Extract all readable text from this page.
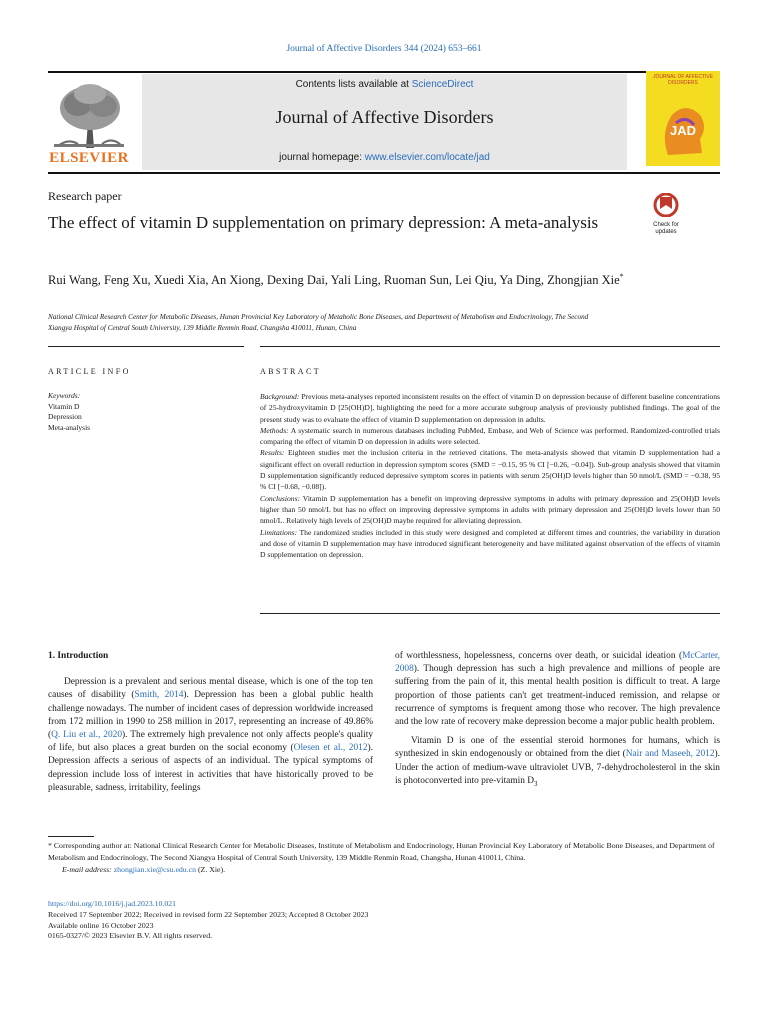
Journal of Affective Disorders 344 (2024) 653–661
ELSEVIER
Contents lists available at ScienceDirect
Journal of Affective Disorders
journal homepage: www.elsevier.com/locate/jad
JOURNAL OF AFFECTIVE DISORDERS
JAD
Research paper
Check for
updates
The effect of vitamin D supplementation on primary depression: A meta-analysis
Rui Wang, Feng Xu, Xuedi Xia, An Xiong, Dexing Dai, Yali Ling, Ruoman Sun, Lei Qiu, Ya Ding, Zhongjian Xie*
National Clinical Research Center for Metabolic Diseases, Hunan Provincial Key Laboratory of Metabolic Bone Diseases, and Department of Metabolism and Endocrinology, The Second Xiangya Hospital of Central South University, 139 Middle Renmin Road, Changsha 410011, Hunan, China
ARTICLE INFO	ABSTRACT
Keywords:
Vitamin D
Depression
Meta-analysis

Background: Previous meta-analyses reported inconsistent results on the effect of vitamin D on depression because of different baseline concentrations of 25-hydroxyvitamin D [25(OH)D], highlighting the need for a more accurate subgroup analysis of previously published findings. The goal of the present study was to evaluate the effect of vitamin D supplementation on depression in adults.

Methods: A systematic search in numerous databases including PubMed, Embase, and Web of Science was performed. Randomized-controlled trials comparing the effect of vitamin D on depression in adults were selected.

Results: Eighteen studies met the inclusion criteria in the retrieved citations. The meta-analysis showed that vitamin D supplementation had a significant effect on overall reduction in depression symptom scores (SMD = −0.15, 95 % CI [−0.26, −0.04]). Sub-group analysis showed that vitamin D supplementation significantly reduced depressive symptom scores in patients with serum 25(OH)D levels higher than 50 nmol/L (SMD = −0.38, 95 % CI [−0.68, −0.08]).

Conclusions: Vitamin D supplementation has a benefit on improving depressive symptoms in adults with primary depression and 25(OH)D levels higher than 50 nmol/L but has no effect on improving depressive symptoms in adults with primary depression and 25(OH)D levels lower than 50 nmol/L. Relatively high levels of 25(OH)D maybe required for alleviating depression.

Limitations: The randomized studies included in this study were designed and completed at different times and countries, the variability in duration and dose of vitamin D supplementation may have introduced significant heterogeneity and have militated against observation of the effects of vitamin D supplementation on depression.

1. Introduction

Depression is a prevalent and serious mental disease, which is one of the top ten causes of disability (Smith, 2014). Depression has been a global public health challenge nowadays. The number of incident cases of depression worldwide increased from 172 million in 1990 to 258 million in 2017, representing an increase of 49.86% (Q. Liu et al., 2020). The extremely high prevalence not only affects people's quality of life, but also places a great burden on the social economy (Olesen et al., 2012). Depression affects a serious of aspects of an individual. The typical symptoms of depression include loss of interest in activities that have historically proved to be pleasurable, sadness, irritability, feelings

of worthlessness, hopelessness, concerns over death, or suicidal ideation (McCarter, 2008). Though depression has such a high prevalence and millions of people are suffering from the pain of it, this mental health position is difficult to treat. A large proportion of those patients can't get treatment-induced remission, and relapse or recurrence of symptoms is frequent among those who recover. The high prevalence and the low rate of recovery make depression become a major public health problem.

Vitamin D is one of the essential steroid hormones for humans, which is synthesized in skin endogenously or obtained from the diet (Nair and Maseeh, 2012). Under the action of medium-wave ultraviolet UVB, 7-dehydrocholesterol in the skin is photoconverted into pre-vitamin $D_3$

* Corresponding author at: National Clinical Research Center for Metabolic Diseases, Institute of Metabolism and Endocrinology, Hunan Provincial Key Laboratory of Metabolic Bone Diseases, and Department of Metabolism and Endocrinology, The Second Xiangya Hospital of Central South University, 139 Middle Renmin Road, Changsha, Hunan 410011, China.

E-mail address: zhongjian.xie@csu.edu.cn (Z. Xie).

https://doi.org/10.1016/j.jad.2023.10.021
Received 17 September 2022; Received in revised form 22 September 2023; Accepted 8 October 2023
Available online 16 October 2023
0165-0327/© 2023 Elsevier B.V. All rights reserved.
